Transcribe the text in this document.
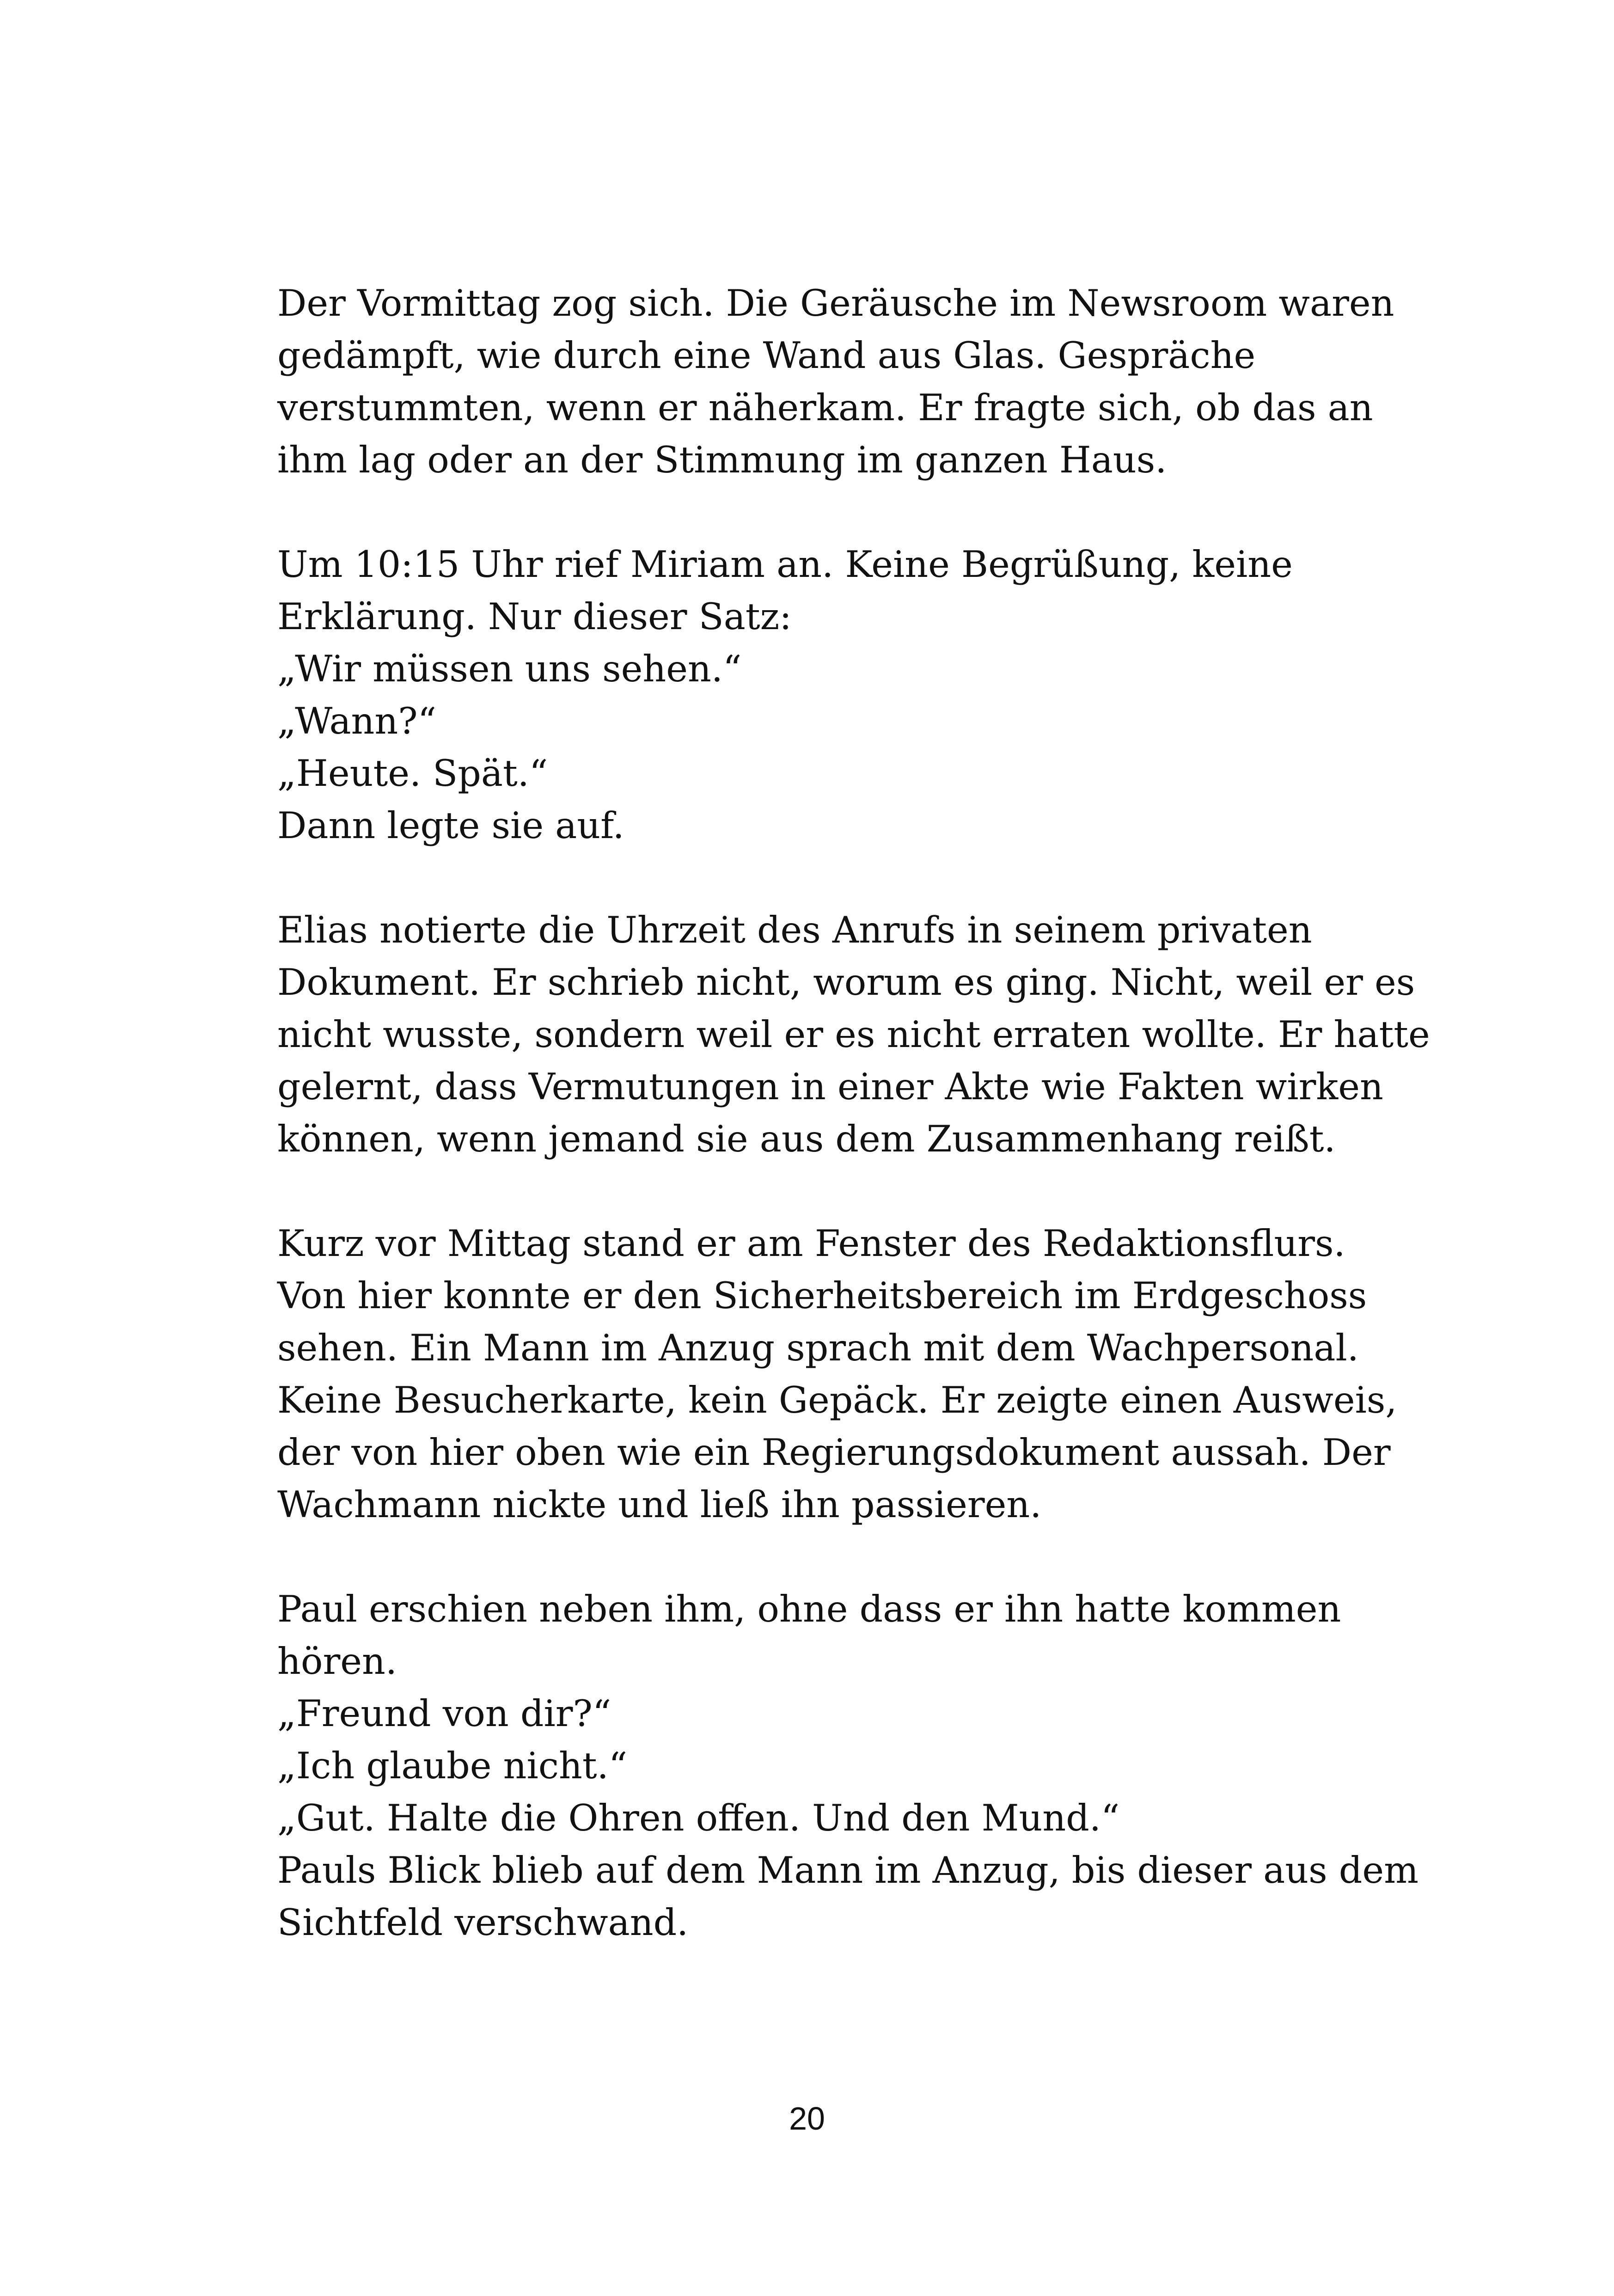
Der Vormittag zog sich. Die Geräusche im Newsroom waren
gedämpft, wie durch eine Wand aus Glas. Gespräche
verstummten, wenn er näherkam. Er fragte sich, ob das an
ihm lag oder an der Stimmung im ganzen Haus.

Um 10:15 Uhr rief Miriam an. Keine Begrüßung, keine
Erklärung. Nur dieser Satz:
„Wir müssen uns sehen.“
„Wann?“
„Heute. Spät.“
Dann legte sie auf.

Elias notierte die Uhrzeit des Anrufs in seinem privaten
Dokument. Er schrieb nicht, worum es ging. Nicht, weil er es
nicht wusste, sondern weil er es nicht erraten wollte. Er hatte
gelernt, dass Vermutungen in einer Akte wie Fakten wirken
können, wenn jemand sie aus dem Zusammenhang reißt.

Kurz vor Mittag stand er am Fenster des Redaktionsflurs.
Von hier konnte er den Sicherheitsbereich im Erdgeschoss
sehen. Ein Mann im Anzug sprach mit dem Wachpersonal.
Keine Besucherkarte, kein Gepäck. Er zeigte einen Ausweis,
der von hier oben wie ein Regierungsdokument aussah. Der
Wachmann nickte und ließ ihn passieren.

Paul erschien neben ihm, ohne dass er ihn hatte kommen
hören.
„Freund von dir?“
„Ich glaube nicht.“
„Gut. Halte die Ohren offen. Und den Mund.“
Pauls Blick blieb auf dem Mann im Anzug, bis dieser aus dem
Sichtfeld verschwand.

20
